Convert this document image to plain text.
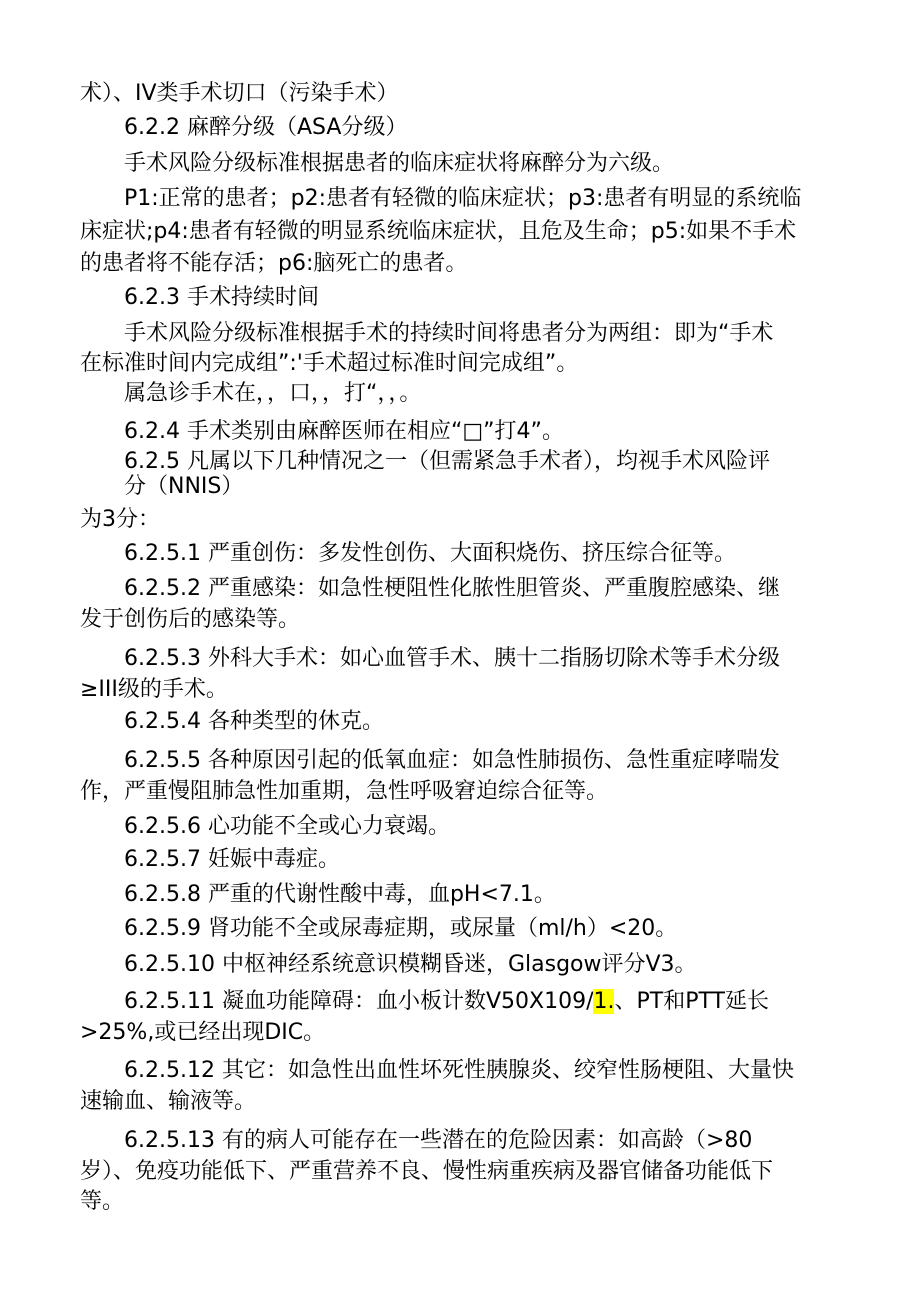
术）、IV类手术切口（污染手术）
6.2.2 麻醉分级（ASA分级）
手术风险分级标准根据患者的临床症状将麻醉分为六级。
P1:正常的患者；p2:患者有轻微的临床症状；p3:患者有明显的系统临
床症状;p4:患者有轻微的明显系统临床症状，且危及生命；p5:如果不手术
的患者将不能存活；p6:脑死亡的患者。
6.2.3 手术持续时间
手术风险分级标准根据手术的持续时间将患者分为两组：即为“手术
在标准时间内完成组”:'手术超过标准时间完成组”。
属急诊手术在，，口，，打“，，。
6.2.4 手术类别由麻醉医师在相应“□”打4”。
6.2.5 凡属以下几种情况之一（但需紧急手术者），均视手术风险评
分（NNIS）
为3分：
6.2.5.1 严重创伤：多发性创伤、大面积烧伤、挤压综合征等。
6.2.5.2 严重感染：如急性梗阻性化脓性胆管炎、严重腹腔感染、继
发于创伤后的感染等。
6.2.5.3 外科大手术：如心血管手术、胰十二指肠切除术等手术分级
≥III级的手术。
6.2.5.4 各种类型的休克。
6.2.5.5 各种原因引起的低氧血症：如急性肺损伤、急性重症哮喘发
作，严重慢阻肺急性加重期，急性呼吸窘迫综合征等。
6.2.5.6 心功能不全或心力衰竭。
6.2.5.7 妊娠中毒症。
6.2.5.8 严重的代谢性酸中毒，血pH<7.1。
6.2.5.9 肾功能不全或尿毒症期，或尿量（ml/h）<20。
6.2.5.10 中枢神经系统意识模糊昏迷，Glasgow评分V3。
6.2.5.11 凝血功能障碍：血小板计数V50X109/1.、PT和PTT延长
>25%,或已经出现DIC。
6.2.5.12 其它：如急性出血性坏死性胰腺炎、绞窄性肠梗阻、大量快
速输血、输液等。
6.2.5.13 有的病人可能存在一些潜在的危险因素：如高龄（>80
岁）、免疫功能低下、严重营养不良、慢性病重疾病及器官储备功能低下
等。
